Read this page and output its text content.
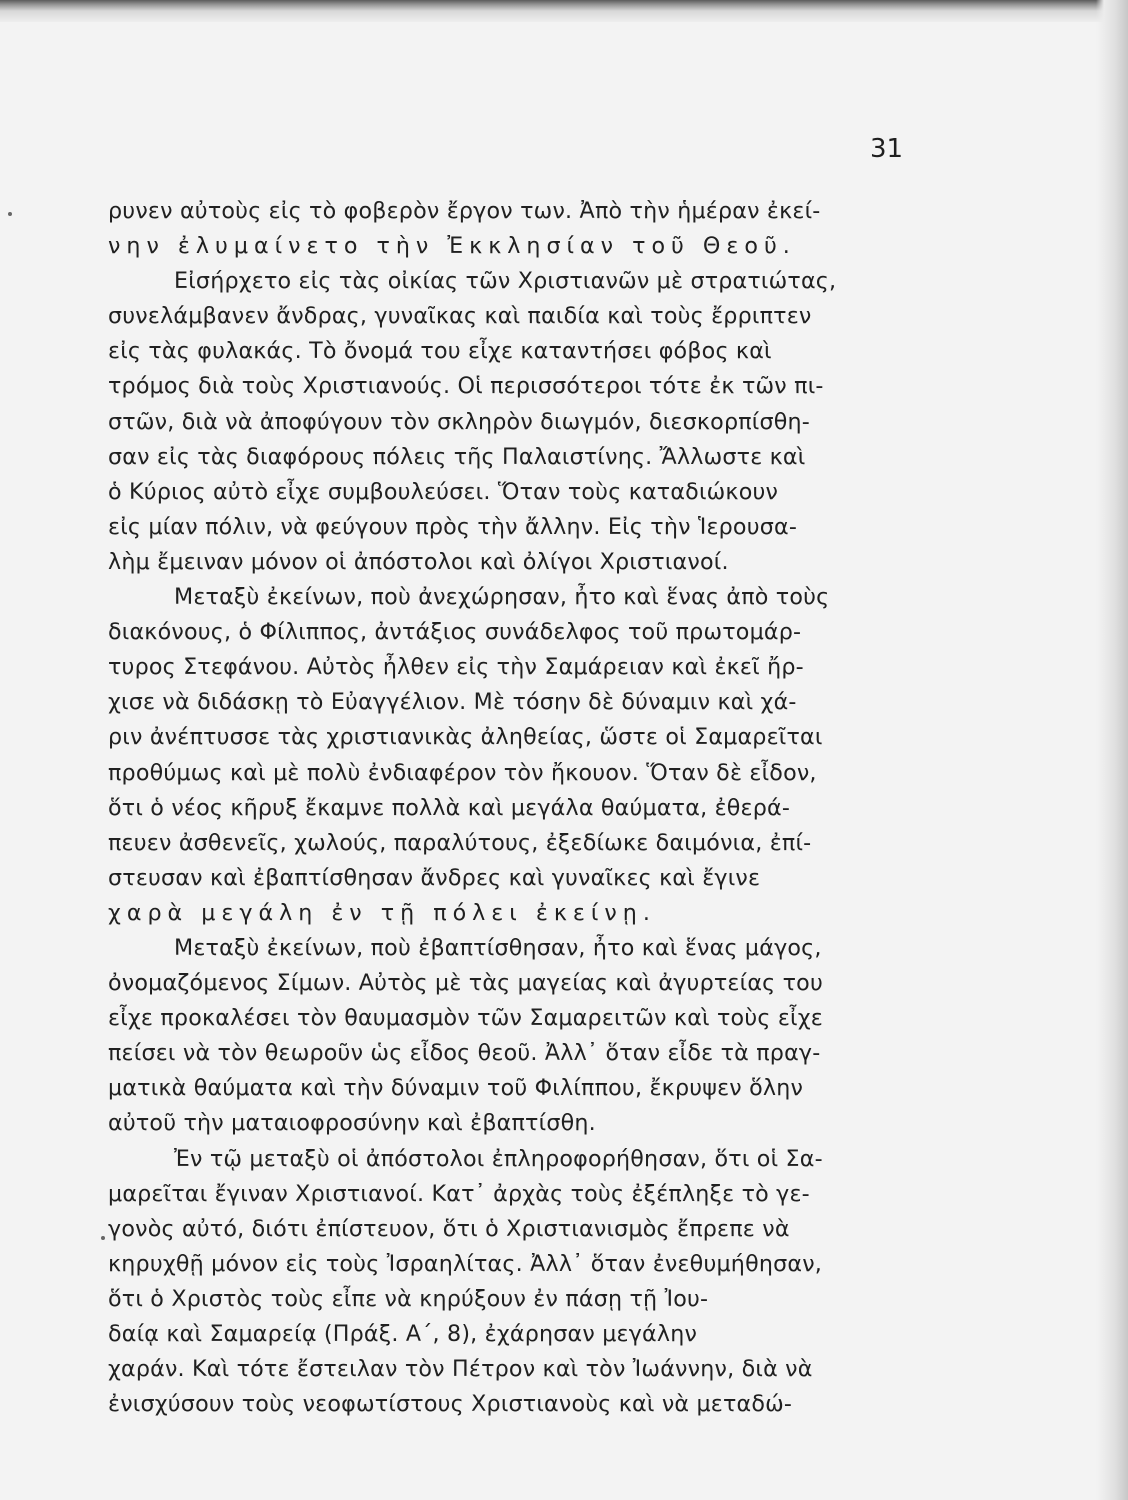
31
ρυνεν αὐτοὺς εἰς τὸ φοβερὸν ἔργον των. Ἀπὸ τὴν ἡμέραν ἐκεί-
νην ἐλυμαίνετο τὴν Ἐκκλησίαν τοῦ Θεοῦ.
Εἰσήρχετο εἰς τὰς οἰκίας τῶν Χριστιανῶν μὲ στρατιώτας,
συνελάμβανεν ἄνδρας, γυναῖκας καὶ παιδία καὶ τοὺς ἔρριπτεν
εἰς τὰς φυλακάς. Τὸ ὄνομά του εἶχε καταντήσει φόβος καὶ
τρόμος διὰ τοὺς Χριστιανούς. Οἱ περισσότεροι τότε ἐκ τῶν πι-
στῶν, διὰ νὰ ἀποφύγουν τὸν σκληρὸν διωγμόν, διεσκορπίσθη-
σαν εἰς τὰς διαφόρους πόλεις τῆς Παλαιστίνης. Ἄλλωστε καὶ
ὁ Κύριος αὐτὸ εἶχε συμβουλεύσει. Ὅταν τοὺς καταδιώκουν
εἰς μίαν πόλιν, νὰ φεύγουν πρὸς τὴν ἄλλην. Εἰς τὴν Ἱερουσα-
λὴμ ἔμειναν μόνον οἱ ἀπόστολοι καὶ ὀλίγοι Χριστιανοί.
Μεταξὺ ἐκείνων, ποὺ ἀνεχώρησαν, ἦτο καὶ ἕνας ἀπὸ τοὺς
διακόνους, ὁ Φίλιππος, ἀντάξιος συνάδελφος τοῦ πρωτομάρ-
τυρος Στεφάνου. Αὐτὸς ἦλθεν εἰς τὴν Σαμάρειαν καὶ ἐκεῖ ἤρ-
χισε νὰ διδάσκῃ τὸ Εὐαγγέλιον. Μὲ τόσην δὲ δύναμιν καὶ χά-
ριν ἀνέπτυσσε τὰς χριστιανικὰς ἀληθείας, ὥστε οἱ Σαμαρεῖται
προθύμως καὶ μὲ πολὺ ἐνδιαφέρον τὸν ἤκουον. Ὅταν δὲ εἶδον,
ὅτι ὁ νέος κῆρυξ ἔκαμνε πολλὰ καὶ μεγάλα θαύματα, ἐθερά-
πευεν ἀσθενεῖς, χωλούς, παραλύτους, ἐξεδίωκε δαιμόνια, ἐπί-
στευσαν καὶ ἐβαπτίσθησαν ἄνδρες καὶ γυναῖκες καὶ ἔγινε
χαρὰ μεγάλη ἐν τῇ πόλει ἐκείνῃ.
Μεταξὺ ἐκείνων, ποὺ ἐβαπτίσθησαν, ἦτο καὶ ἕνας μάγος,
ὀνομαζόμενος Σίμων. Αὐτὸς μὲ τὰς μαγείας καὶ ἀγυρτείας του
εἶχε προκαλέσει τὸν θαυμασμὸν τῶν Σαμαρειτῶν καὶ τοὺς εἶχε
πείσει νὰ τὸν θεωροῦν ὡς εἶδος θεοῦ. Ἀλλ᾿ ὅταν εἶδε τὰ πραγ-
ματικὰ θαύματα καὶ τὴν δύναμιν τοῦ Φιλίππου, ἔκρυψεν ὅλην
αὐτοῦ τὴν ματαιοφροσύνην καὶ ἐβαπτίσθη.
Ἐν τῷ μεταξὺ οἱ ἀπόστολοι ἐπληροφορήθησαν, ὅτι οἱ Σα-
μαρεῖται ἔγιναν Χριστιανοί. Κατ᾿ ἀρχὰς τοὺς ἐξέπληξε τὸ γε-
γονὸς αὐτό, διότι ἐπίστευον, ὅτι ὁ Χριστιανισμὸς ἔπρεπε νὰ
κηρυχθῇ μόνον εἰς τοὺς Ἰσραηλίτας. Ἀλλ᾿ ὅταν ἐνεθυμήθησαν,
ὅτι ὁ Χριστὸς τοὺς εἶπε νὰ κηρύξουν ἐν πάσῃ τῇ Ἰου-
δαίᾳ καὶ Σαμαρείᾳ (Πράξ. Α΄, 8), ἐχάρησαν μεγάλην
χαράν. Καὶ τότε ἔστειλαν τὸν Πέτρον καὶ τὸν Ἰωάννην, διὰ νὰ
ἐνισχύσουν τοὺς νεοφωτίστους Χριστιανοὺς καὶ νὰ μεταδώ-
